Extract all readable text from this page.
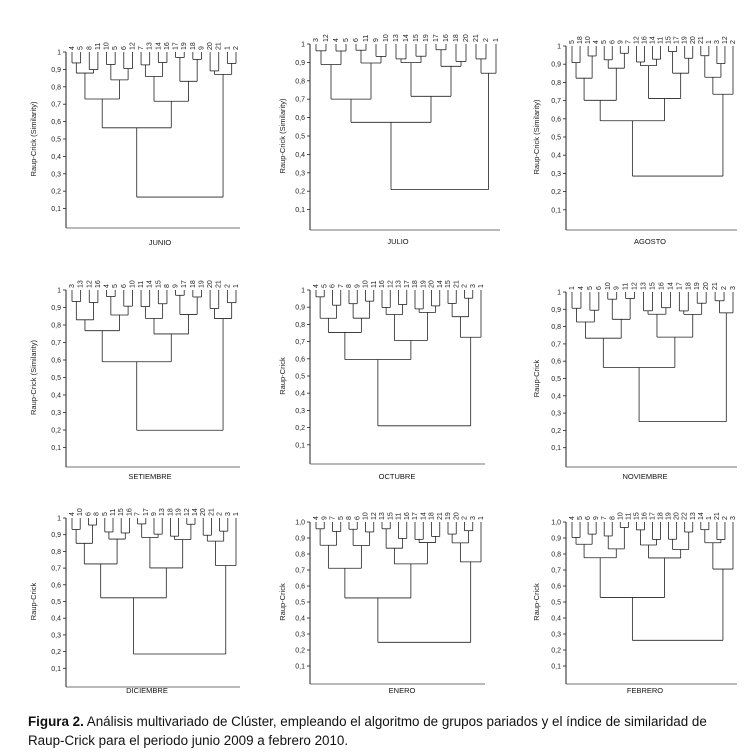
1
0,9
0,8
0,7
0,6
0,5
0,4
0,3
0,2
0,1
Raup-Crick (Similarity)
JUNIO
4 5 8 11 10 5 6 12 7 13 14 16 17 19 18 9 20 21 1 2	1
0,9
0,8
0,7
0,6
0,5
0,4
0,3
0,2
0,1
Raup-Crick (Similarity)
JULIO
3 12 4 5 6 11 9 10 13 14 15 19 17 16 18 20 21 2 1
1
0,9
0,8
0,7
0,6
0,5
0,4
0,3
0,2
0,1
Raup-Crick (Similarity)
AGOSTO
5 18 10 4 5 6 9 7 12 16 14 11 15 17 19 20 21 1 3 12 2
1
0,9
0,8
0,7
0,6
0,5
0,4
0,3
0,2
0,1
Raup-Crick (Similarity)
SETIEMBRE
3 13 12 16 4 5 6 10 11 14 15 8 9 17 18 19 20 21 2 1
1
0,9
0,8
0,7
0,6
0,5
0,4
0,3
0,2
0,1
Raup-Crick
OCTUBRE
4 5 6 7 8 9 10 11 16 12 13 17 18 19 20 14 15 21 2 3 1
1
0,9
0,8
0,7
0,6
0,5
0,4
0,3
0,2
0,1
Raup-Crick
NOVIEMBRE
1 4 5 6 10 9 11 12 13 15 16 14 17 18 19 20 21 2 3
1
0,9
0,8
0,7
0,6
0,5
0,4
0,3
0,2
0,1
Raup-Crick
DICIEMBRE
4 10 6 8 5 11 15 16 7 17 9 13 18 19 12 14 20 21 2 3 1
1,0
0,9
0,8
0,7
0,6
0,5
0,4
0,3
0,2
0,1
Raup-Crick
ENERO
4 9 7 5 8 6 10 12 13 15 11 16 17 14 18 21 19 20 2 3 1
1,0
0,9
0,8
0,7
0,6
0,5
0,4
0,3
0,2
0,1
Raup-Crick
FEBRERO
4 5 6 9 7 8 10 11 15 16 17 18 19 20 22 13 14 1 21 2 3
Figura 2. Análisis multivariado de Clúster, empleando el algoritmo de grupos pariados y el índice de similaridad de Raup-Crick para el periodo junio 2009 a febrero 2010.
